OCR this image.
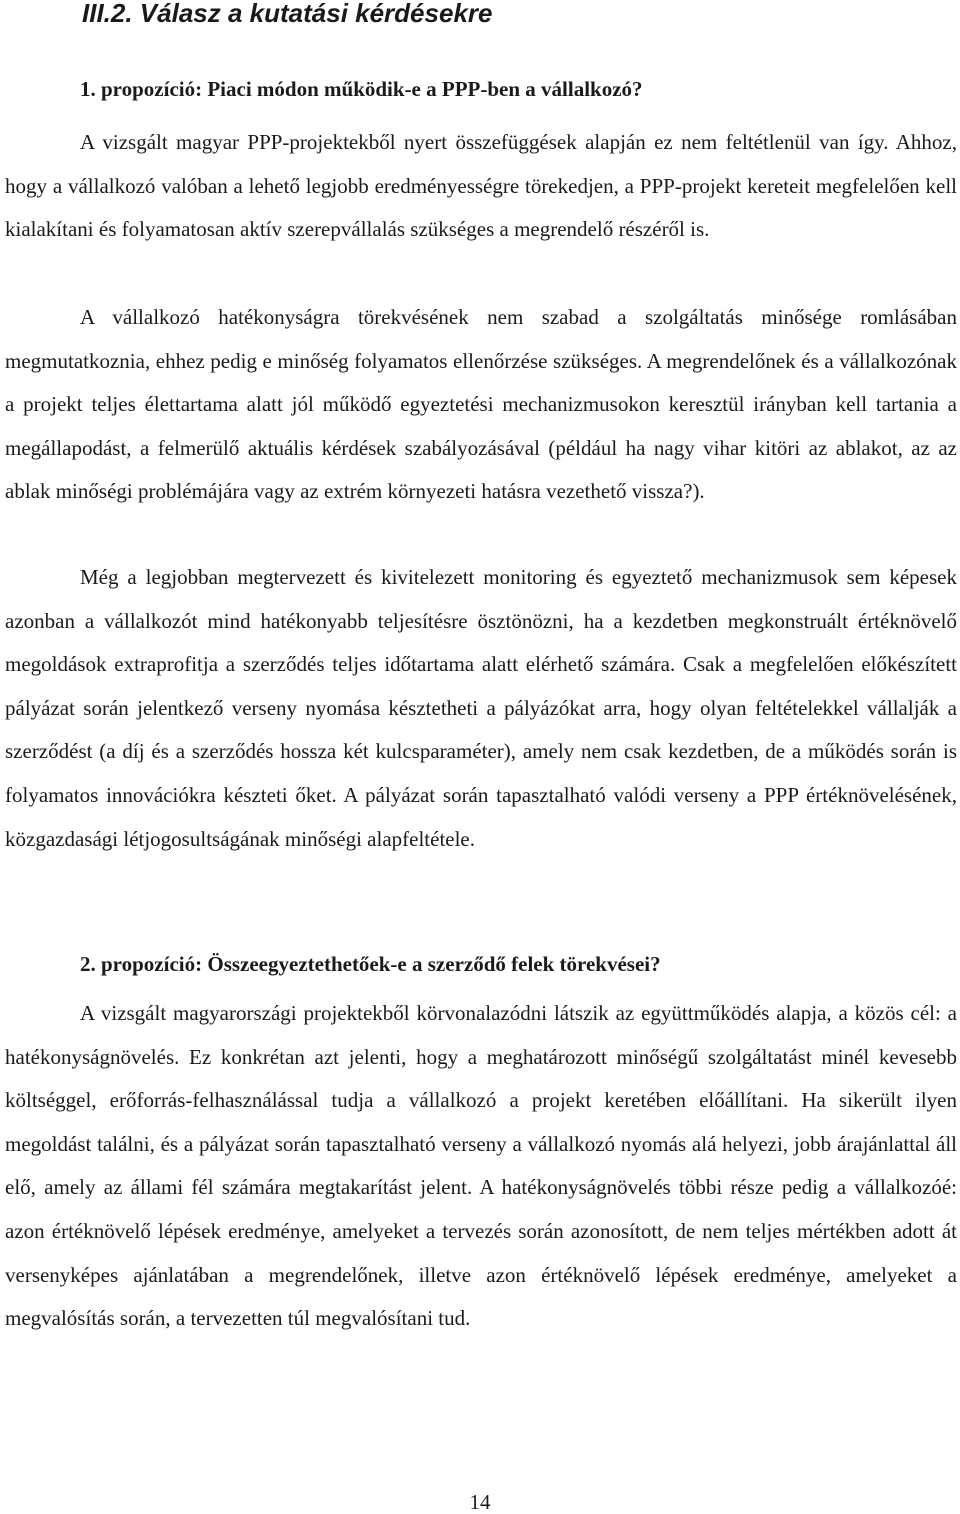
III.2. Válasz a kutatási kérdésekre
1. propozíció: Piaci módon működik-e a PPP-ben a vállalkozó?

A vizsgált magyar PPP-projektekből nyert összefüggések alapján ez nem feltétlenül van így. Ahhoz, hogy a vállalkozó valóban a lehető legjobb eredményességre törekedjen, a PPP-projekt kereteit megfelelően kell kialakítani és folyamatosan aktív szerepvállalás szükséges a megrendelő részéről is.

A vállalkozó hatékonyságra törekvésének nem szabad a szolgáltatás minősége romlásában megmutatkoznia, ehhez pedig e minőség folyamatos ellenőrzése szükséges. A megrendelőnek és a vállalkozónak a projekt teljes élettartama alatt jól működő egyeztetési mechanizmusokon keresztül irányban kell tartania a megállapodást, a felmerülő aktuális kérdések szabályozásával (például ha nagy vihar kitöri az ablakot, az az ablak minőségi problémájára vagy az extrém környezeti hatásra vezethető vissza?).

Még a legjobban megtervezett és kivitelezett monitoring és egyeztető mechanizmusok sem képesek azonban a vállalkozót mind hatékonyabb teljesítésre ösztönözni, ha a kezdetben megkonstruált értéknövelő megoldások extraprofitja a szerződés teljes időtartama alatt elérhető számára. Csak a megfelelően előkészített pályázat során jelentkező verseny nyomása késztetheti a pályázókat arra, hogy olyan feltételekkel vállalják a szerződést (a díj és a szerződés hossza két kulcsparaméter), amely nem csak kezdetben, de a működés során is folyamatos innovációkra készteti őket. A pályázat során tapasztalható valódi verseny a PPP értéknövelésének, közgazdasági létjogosultságának minőségi alapfeltétele.

2. propozíció: Összeegyeztethetőek-e a szerződő felek törekvései?

A vizsgált magyarországi projektekből körvonalazódni látszik az együttműködés alapja, a közös cél: a hatékonyságnövelés. Ez konkrétan azt jelenti, hogy a meghatározott minőségű szolgáltatást minél kevesebb költséggel, erőforrás-felhasználással tudja a vállalkozó a projekt keretében előállítani. Ha sikerült ilyen megoldást találni, és a pályázat során tapasztalható verseny a vállalkozó nyomás alá helyezi, jobb árajánlattal áll elő, amely az állami fél számára megtakarítást jelent. A hatékonyságnövelés többi része pedig a vállalkozóé: azon értéknövelő lépések eredménye, amelyeket a tervezés során azonosított, de nem teljes mértékben adott át versenyképes ajánlatában a megrendelőnek, illetve azon értéknövelő lépések eredménye, amelyeket a megvalósítás során, a tervezetten túl megvalósítani tud.

14
